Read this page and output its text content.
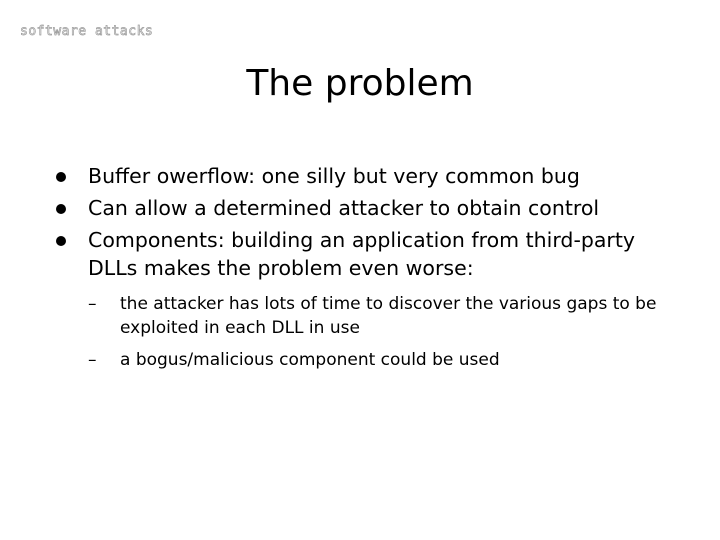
software attacks
The problem
Buffer owerflow: one silly but very common bug
Can allow a determined attacker to obtain control
Components: building an application from third-party DLLs makes the problem even worse:
– the attacker has lots of time to discover the various gaps to be exploited in each DLL in use
– a bogus/malicious component could be used
